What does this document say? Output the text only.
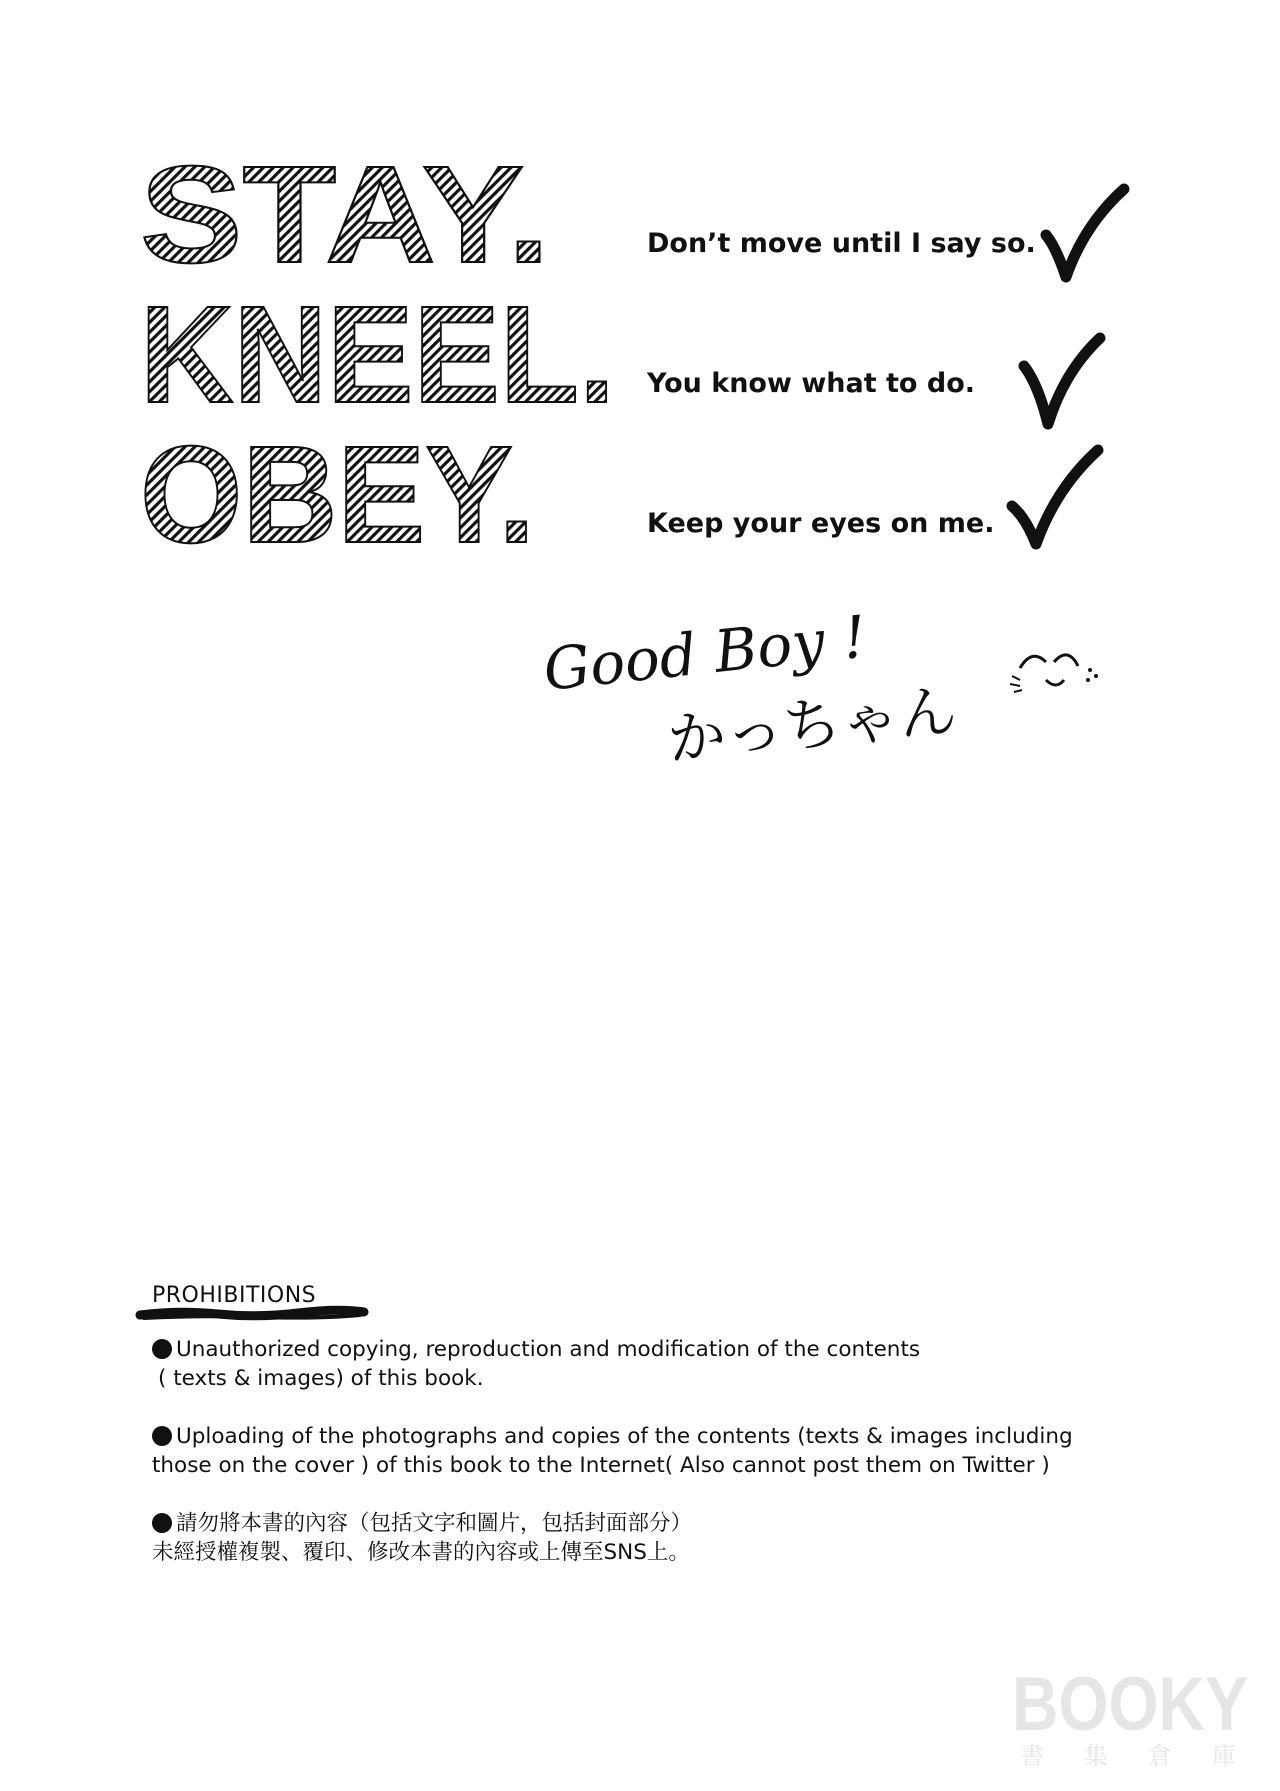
STAY.	Don’t move until I say so.
KNEEL. You know what to do.
OBEY.	Keep your eyes on me.
Good Boy !
かっちゃん
PROHIBITIONS
Unauthorized copying, reproduction and modification of the contents
( texts & images) of this book.
Uploading of the photographs and copies of the contents (texts & images including
those on the cover ) of this book to the Internet( Also cannot post them on Twitter )
請勿將本書的內容（包括文字和圖片，包括封面部分）
未經授權複製、覆印、修改本書的內容或上傳至SNS上。
BOOKY
書 集 倉 庫
